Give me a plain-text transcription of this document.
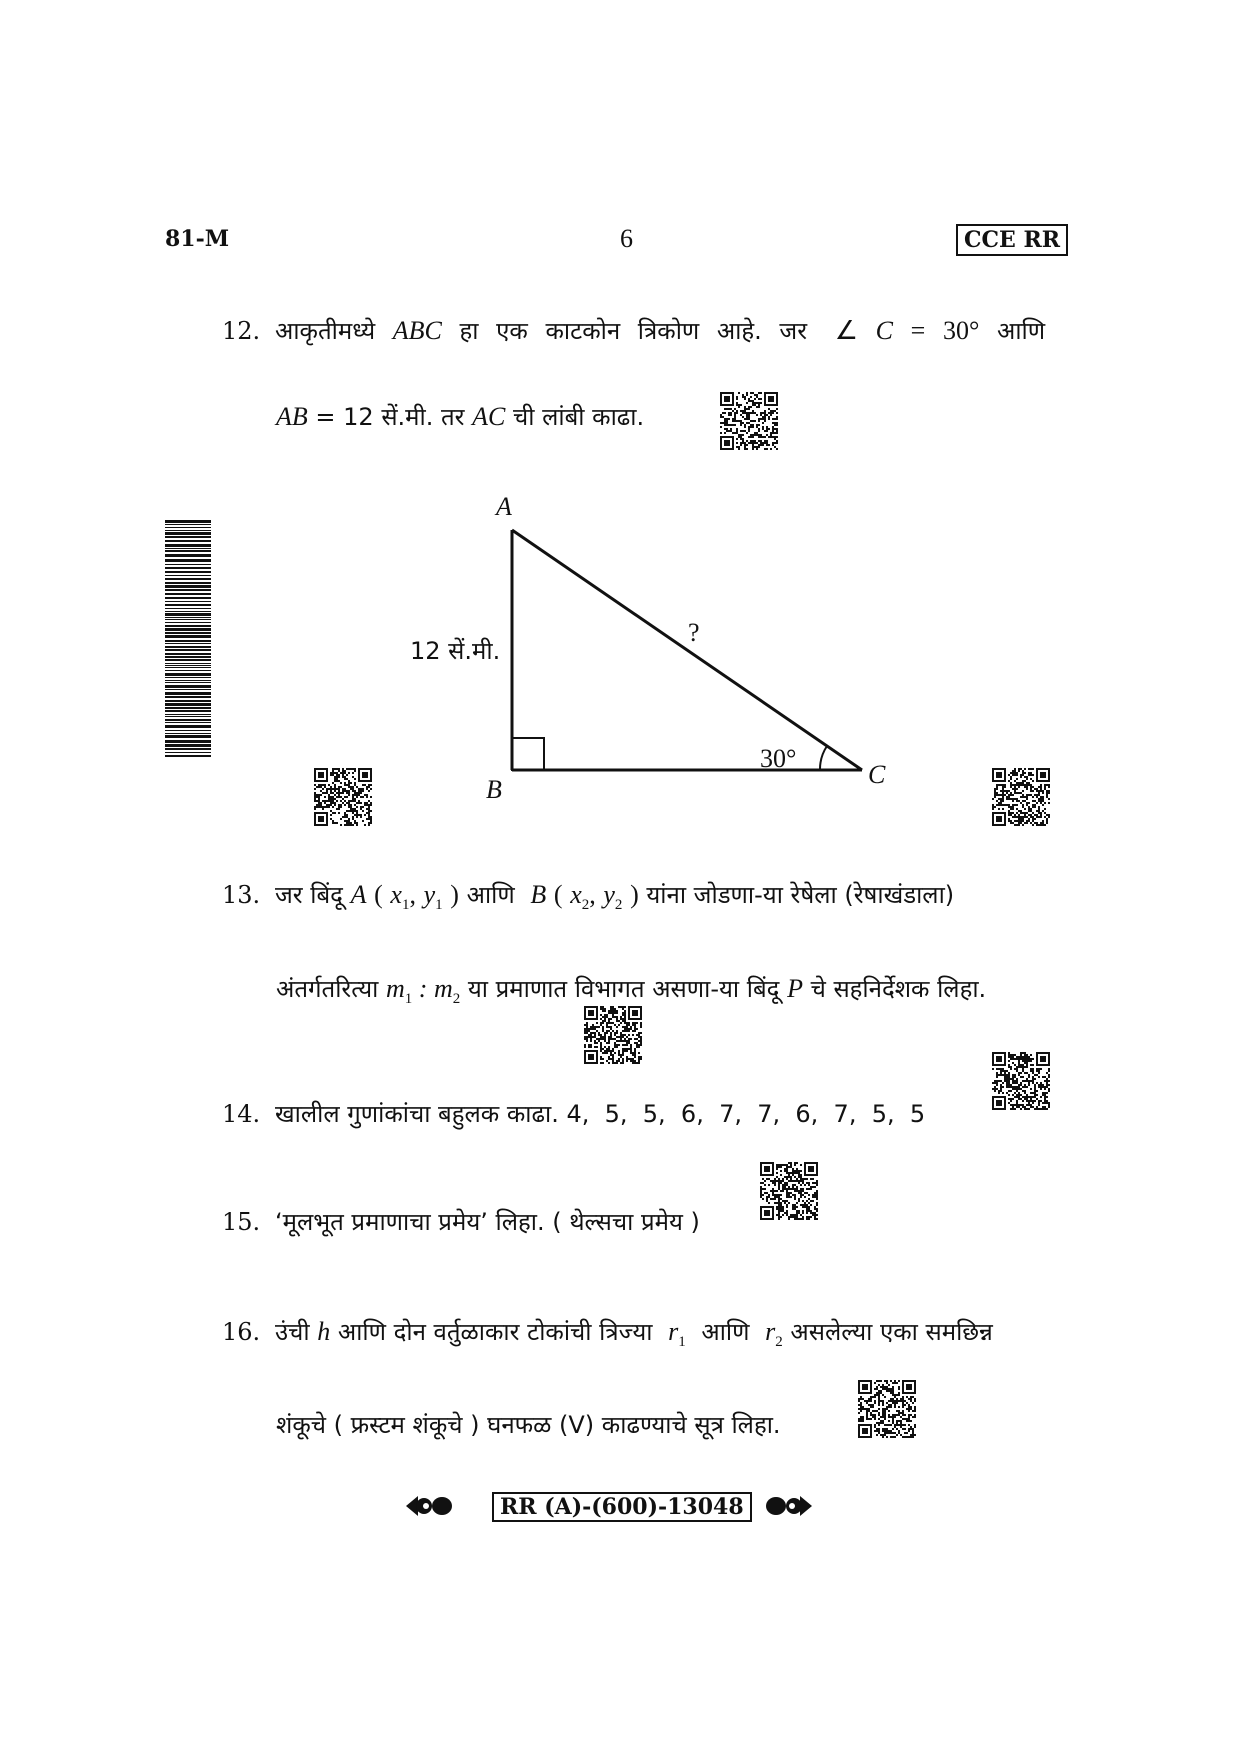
81-M	6	CCE RR
12. आकृतीमध्ये ABC हा एक काटकोन त्रिकोण आहे. जर ∠ C = 30° आणि
AB = 12 सें.मी. तर AC ची लांबी काढा.
A
B
C
12 सें.मी.
?
30°
13. जर बिंदू A ( $x_1$, $y_1$ ) आणि B ( $x_2$, $y_2$ ) यांना जोडणा-या रेषेला (रेषाखंडाला)
अंतर्गतरित्या $m_1$ : $m_2$ या प्रमाणात विभागत असणा-या बिंदू P चे सहनिर्देशक लिहा.
14. खालील गुणांकांचा बहुलक काढा. 4,  5,  5,  6,  7,  7,  6,  7,  5,  5
15. ‘मूलभूत प्रमाणाचा प्रमेय’ लिहा. ( थेल्सचा प्रमेय )
16. उंची h आणि दोन वर्तुळाकार टोकांची त्रिज्या $r_1$ आणि $r_2$ असलेल्या एका समछिन्न
शंकूचे ( फ्रस्टम शंकूचे ) घनफळ (V) काढण्याचे सूत्र लिहा.
RR (A)-(600)-13048
